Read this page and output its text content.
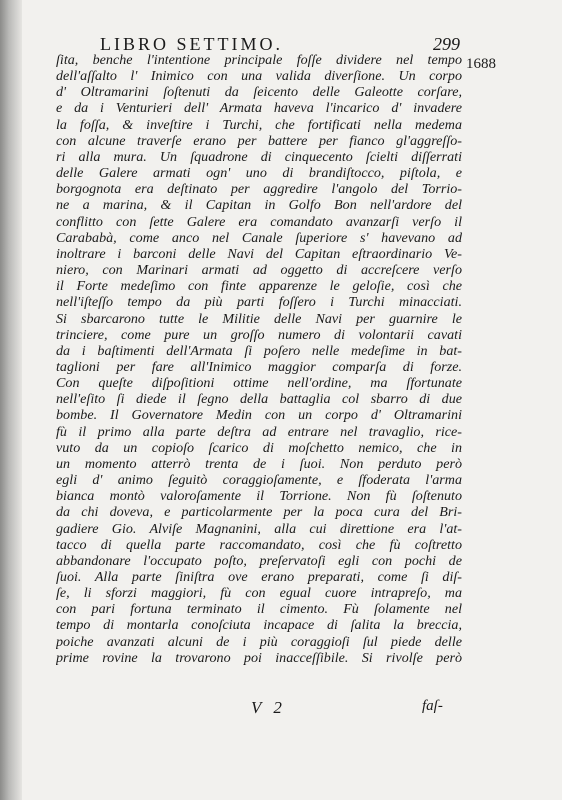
LIBRO SETTIMO.	299
1688
ſita, benche l'intentione principale foſſe dividere nel tempo
dell'aſſalto l' Inimico con una valida diverſione. Un corpo
d' Oltramarini ſoſtenuti da ſeicento delle Galeotte corſare,
e da i Venturieri dell' Armata haveva l'incarico d' invadere
la foſſa, & inveſtire i Turchi, che fortificati nella medema
con alcune traverſe erano per battere per fianco gl'aggreſſo-
ri alla mura. Un ſquadrone di cinquecento ſcielti diſſerrati
delle Galere armati ogn' uno di brandiſtocco, piſtola, e
borgognota era deſtinato per aggredire l'angolo del Torrio-
ne a marina, & il Capitan in Golfo Bon nell'ardore del
conflitto con ſette Galere era comandato avanzarſi verſo il
Carababà, come anco nel Canale ſuperiore s' havevano ad
inoltrare i barconi delle Navi del Capitan eſtraordinario Ve-
niero, con Marinari armati ad oggetto di accreſcere verſo
il Forte medeſimo con finte apparenze le geloſie, così che
nell'iſteſſo tempo da più parti foſſero i Turchi minacciati.
Si sbarcarono tutte le Militie delle Navi per guarnire le
trinciere, come pure un groſſo numero di volontarii cavati
da i baſtimenti dell'Armata ſi poſero nelle medeſime in bat-
taglioni per fare all'Inimico maggior comparſa di forze.
Con queſte diſpoſitioni ottime nell'ordine, ma ſfortunate
nell'eſito ſi diede il ſegno della battaglia col sbarro di due
bombe. Il Governatore Medin con un corpo d' Oltramarini
fù il primo alla parte deſtra ad entrare nel travaglio, rice-
vuto da un copioſo ſcarico di moſchetto nemico, che in
un momento atterrò trenta de i ſuoi. Non perduto però
egli d' animo ſeguitò coraggioſamente, e ſfoderata l'arma
bianca montò valoroſamente il Torrione. Non fù ſoſtenuto
da chi doveva, e particolarmente per la poca cura del Bri-
gadiere Gio. Alviſe Magnanini, alla cui direttione era l'at-
tacco di quella parte raccomandato, così che fù coſtretto
abbandonare l'occupato poſto, preſervatoſi egli con pochi de
ſuoi. Alla parte ſiniſtra ove erano preparati, come ſi diſ-
ſe, li sforzi maggiori, fù con egual cuore intrapreſo, ma
con pari fortuna terminato il cimento. Fù ſolamente nel
tempo di montarla conoſciuta incapace di ſalita la breccia,
poiche avanzati alcuni de i più coraggioſi ſul piede delle
prime rovine la trovarono poi inacceſſibile. Si rivolſe però
V 2	faſ-
